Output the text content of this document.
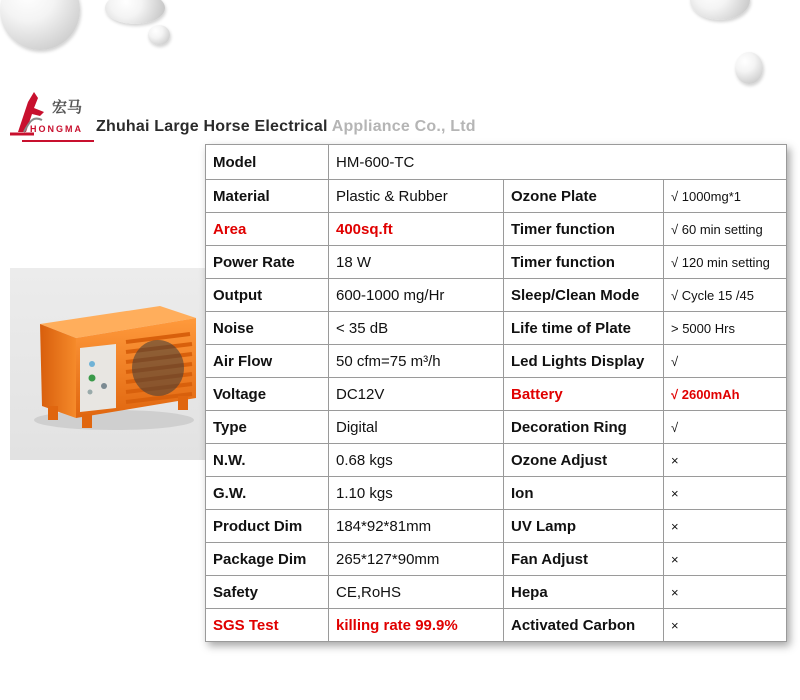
宏马
HONGMA Zhuhai Large Horse Electrical Appliance Co., Ltd
Model	HM-600-TC		
Material	Plastic & Rubber	Ozone Plate	√ 1000mg*1
Area	400sq.ft	Timer function	√ 60 min setting
Power Rate	18 W	Timer function	√ 120 min setting
Output	600-1000 mg/Hr	Sleep/Clean Mode	√ Cycle 15 /45
Noise	< 35 dB	Life time of Plate	> 5000 Hrs
Air Flow	50 cfm=75 m³/h	Led Lights Display	√
Voltage	DC12V	Battery	√ 2600mAh
Type	Digital	Decoration Ring	√
N.W.	0.68 kgs	Ozone Adjust	×
G.W.	1.10 kgs	Ion	×
Product Dim	184*92*81mm	UV Lamp	×
Package Dim	265*127*90mm	Fan Adjust	×
Safety	CE,RoHS	Hepa	×
SGS Test	killing rate 99.9%	Activated Carbon	×
